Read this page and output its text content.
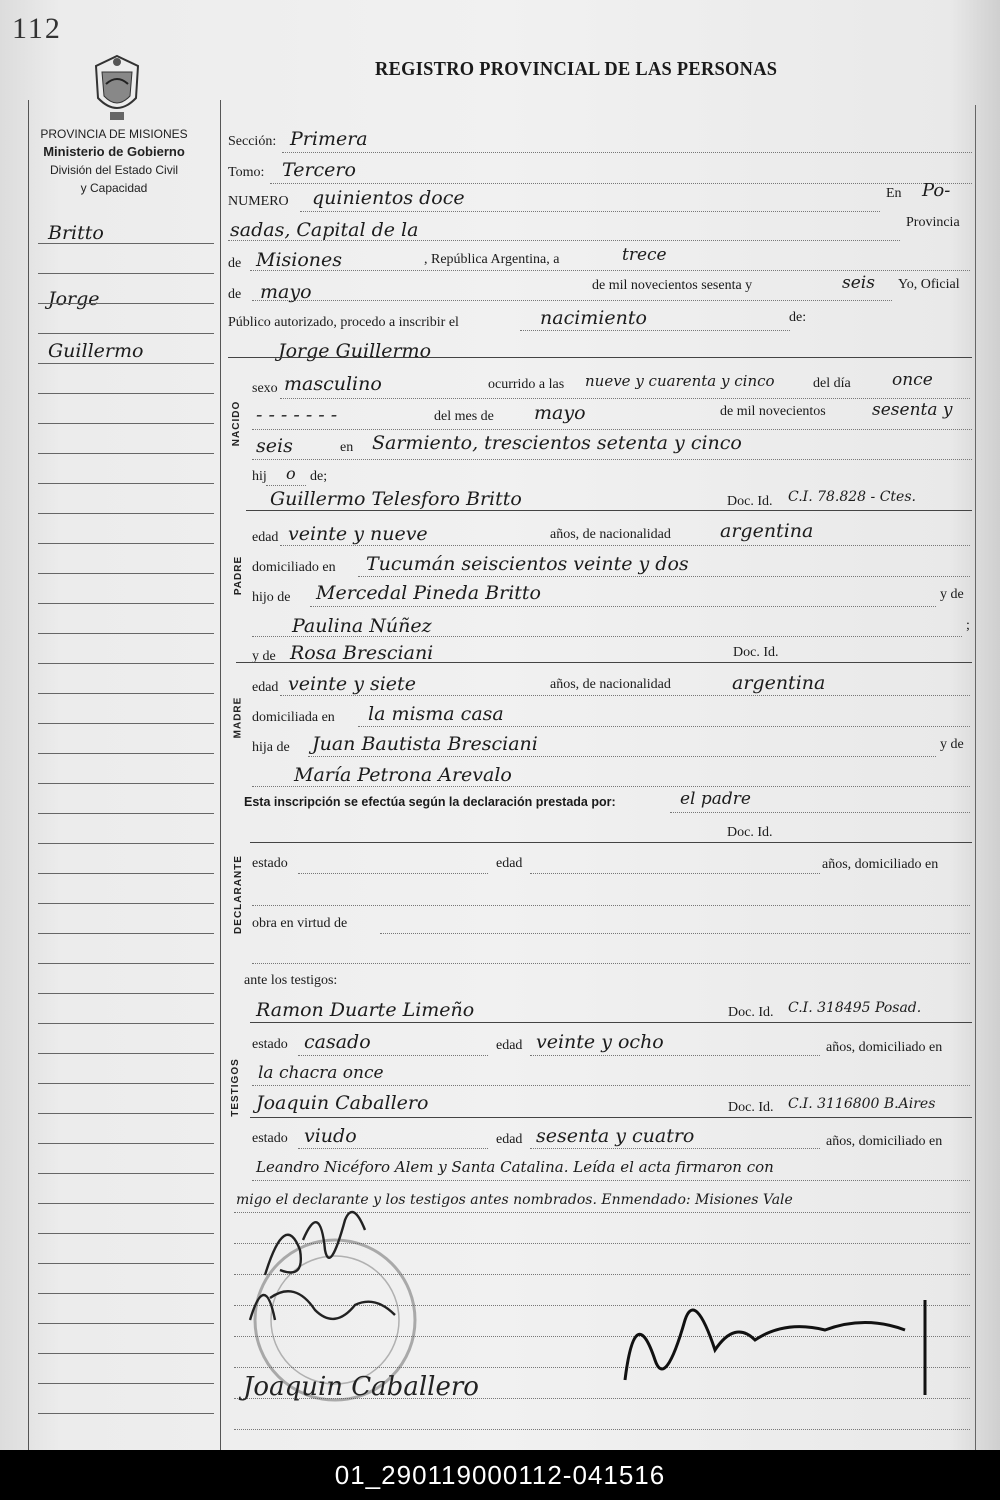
112
PROVINCIA DE MISIONES
Ministerio de Gobierno
División del Estado Civil
y Capacidad
REGISTRO PROVINCIAL DE LAS PERSONAS
Britto
Jorge
Guillermo
NACIDO
PADRE
MADRE
DECLARANTE
TESTIGOS
Sección: Primera
Tomo: Tercero
NUMERO quinientos doce	En Po-
sadas, Capital de la	Provincia
de Misiones	, República Argentina, a	trece
de mayo	de mil novecientos sesenta y	seis Yo, Oficial
Público autorizado, procedo a inscribir el	nacimiento	de:
Jorge Guillermo
sexo masculino	ocurrido a las nueve y cuarenta y cinco	del día once
- - - - - - -	del mes de mayo	de mil novecientos	sesenta y
seis	en Sarmiento, trescientos setenta y cinco
hij o de;
Guillermo Telesforo Britto	Doc. Id. C.I. 78.828 - Ctes.
edad veinte y nueve	años, de nacionalidad	argentina
domiciliado en Tucumán seiscientos veinte y dos
hijo de Mercedal Pineda Britto	y de
Paulina Núñez	;
y de Rosa Bresciani	Doc. Id.
edad veinte y siete	años, de nacionalidad	argentina
domiciliada en la misma casa
hija de Juan Bautista Bresciani	y de
María Petrona Arevalo
Esta inscripción se efectúa según la declaración prestada por:	el padre
Doc. Id.
estado	edad	años, domiciliado en
obra en virtud de
ante los testigos:
Ramon Duarte Limeño	Doc. Id. C.I. 318495 Posad.
estado casado	edad veinte y ocho	años, domiciliado en
la chacra once
Joaquin Caballero	Doc. Id. C.I. 3116800 B.Aires
estado viudo	edad sesenta y cuatro	años, domiciliado en
Leandro Nicéforo Alem y Santa Catalina. Leída el acta firmaron con
migo el declarante y los testigos antes nombrados. Enmendado: Misiones Vale
Joaquin Caballero
01_290119000112-041516
